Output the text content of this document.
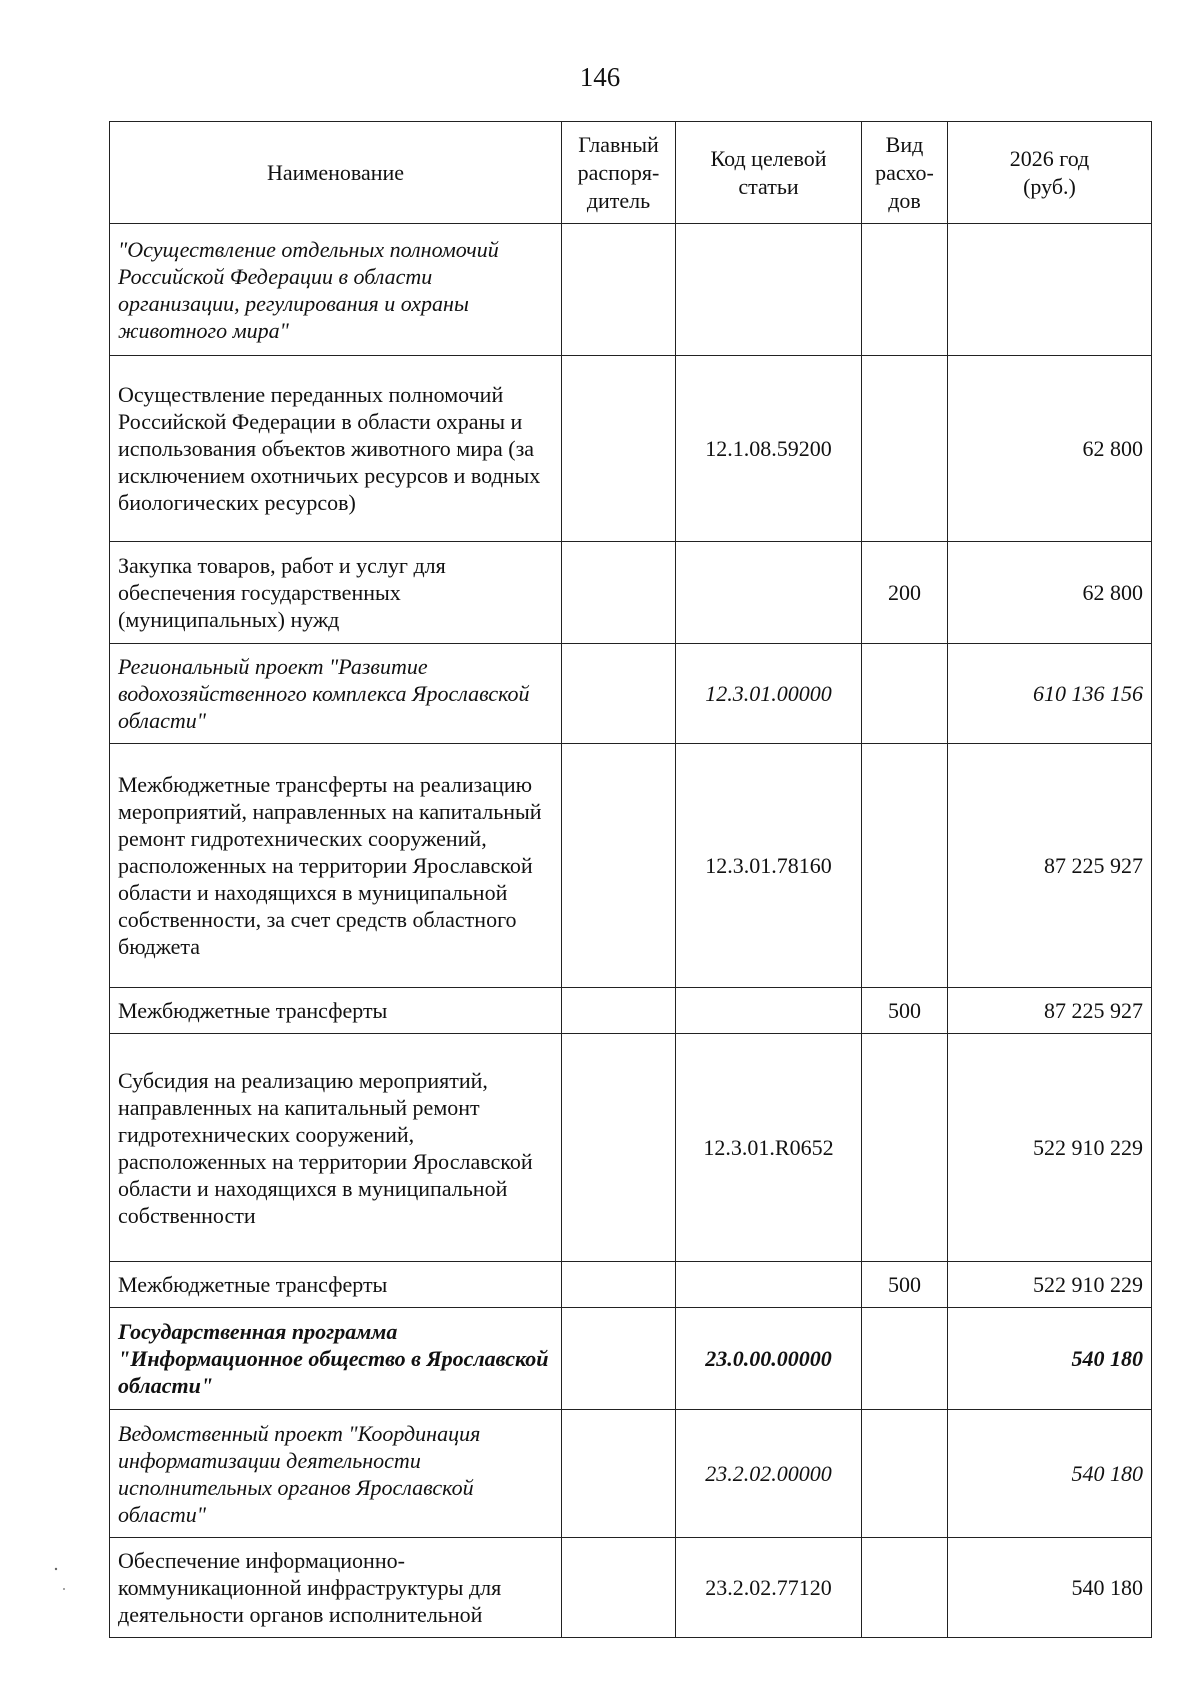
146
Наименование	Главный распоря-дитель	Код целевой статьи	Вид расхо-дов	2026 год (руб.)
"Осуществление отдельных полномочий Российской Федерации в области организации, регулирования и охраны животного мира"				
Осуществление переданных полномочий Российской Федерации в области охраны и использования объектов животного мира (за исключением охотничьих ресурсов и водных биологических ресурсов)		12.1.08.59200		62 800
Закупка товаров, работ и услуг для обеспечения государственных (муниципальных) нужд			200	62 800
Региональный проект "Развитие водохозяйственного комплекса Ярославской области"		12.3.01.00000		610 136 156
Межбюджетные трансферты на реализацию мероприятий, направленных на капитальный ремонт гидротехнических сооружений, расположенных на территории Ярославской области и находящихся в муниципальной собственности, за счет средств областного бюджета		12.3.01.78160		87 225 927
Межбюджетные трансферты			500	87 225 927
Субсидия на реализацию мероприятий, направленных на капитальный ремонт гидротехнических сооружений, расположенных на территории Ярославской области и находящихся в муниципальной собственности		12.3.01.R0652		522 910 229
Межбюджетные трансферты			500	522 910 229
Государственная программа "Информационное общество в Ярославской области"		23.0.00.00000		540 180
Ведомственный проект "Координация информатизации деятельности исполнительных органов Ярославской области"		23.2.02.00000		540 180
Обеспечение информационно-коммуникационной инфраструктуры для деятельности органов исполнительной		23.2.02.77120		540 180
